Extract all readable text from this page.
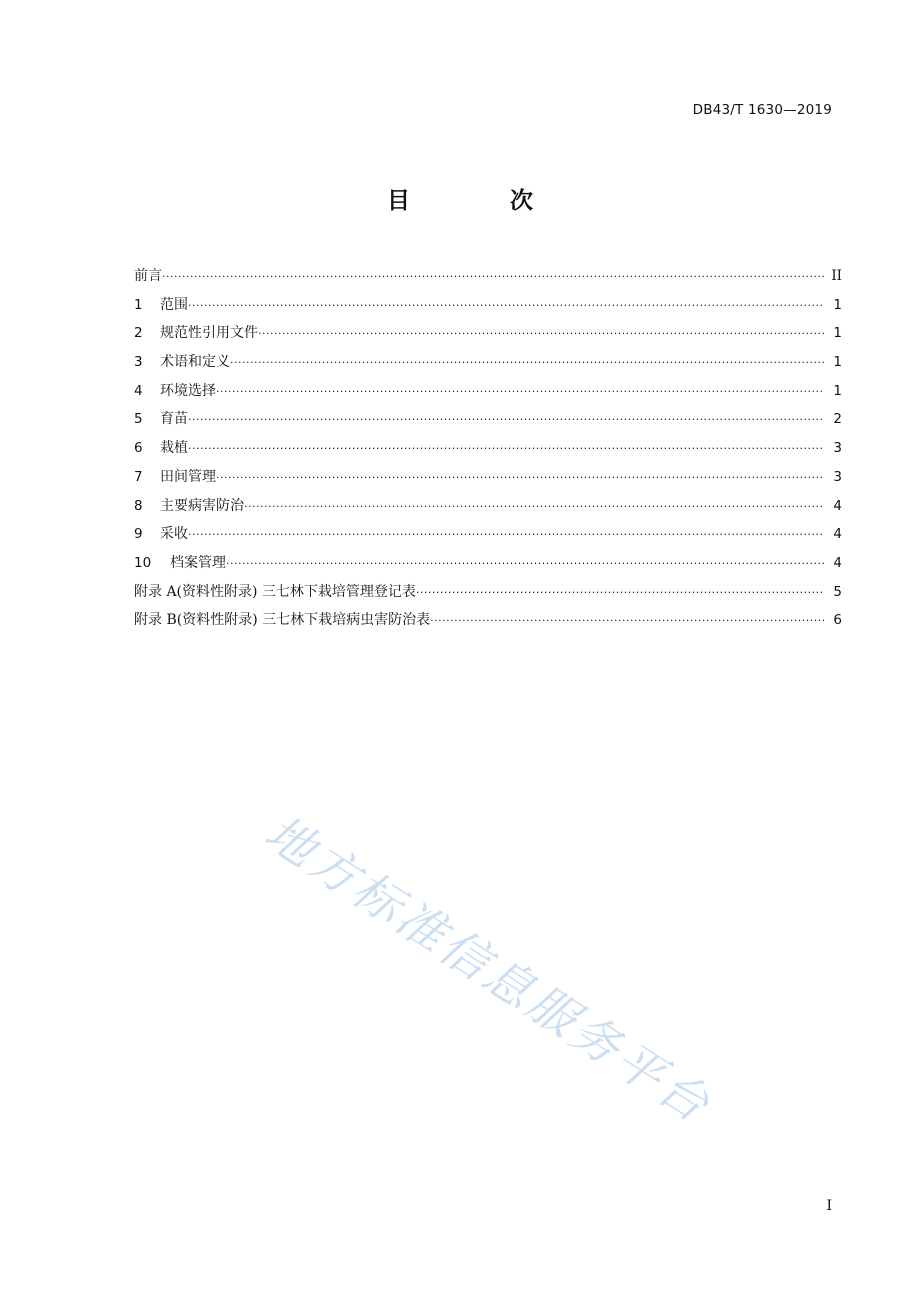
DB43/T 1630—2019
目 次
前言 ·····	II
1	范围 ·····	1
2	规范性引用文件 ·····	1
3	术语和定义 ·····	1
4	环境选择 ·····	1
5	育苗 ·····	2
6	栽植 ·····	3
7	田间管理 ·····	3
8	主要病害防治 ·····	4
9	采收 ·····	4
10	档案管理 ·····	4
附录 A(资料性附录) 三七林下栽培管理登记表 ·····	5
附录 B(资料性附录) 三七林下栽培病虫害防治表 ·····	6
地方标准信息服务平台
I
